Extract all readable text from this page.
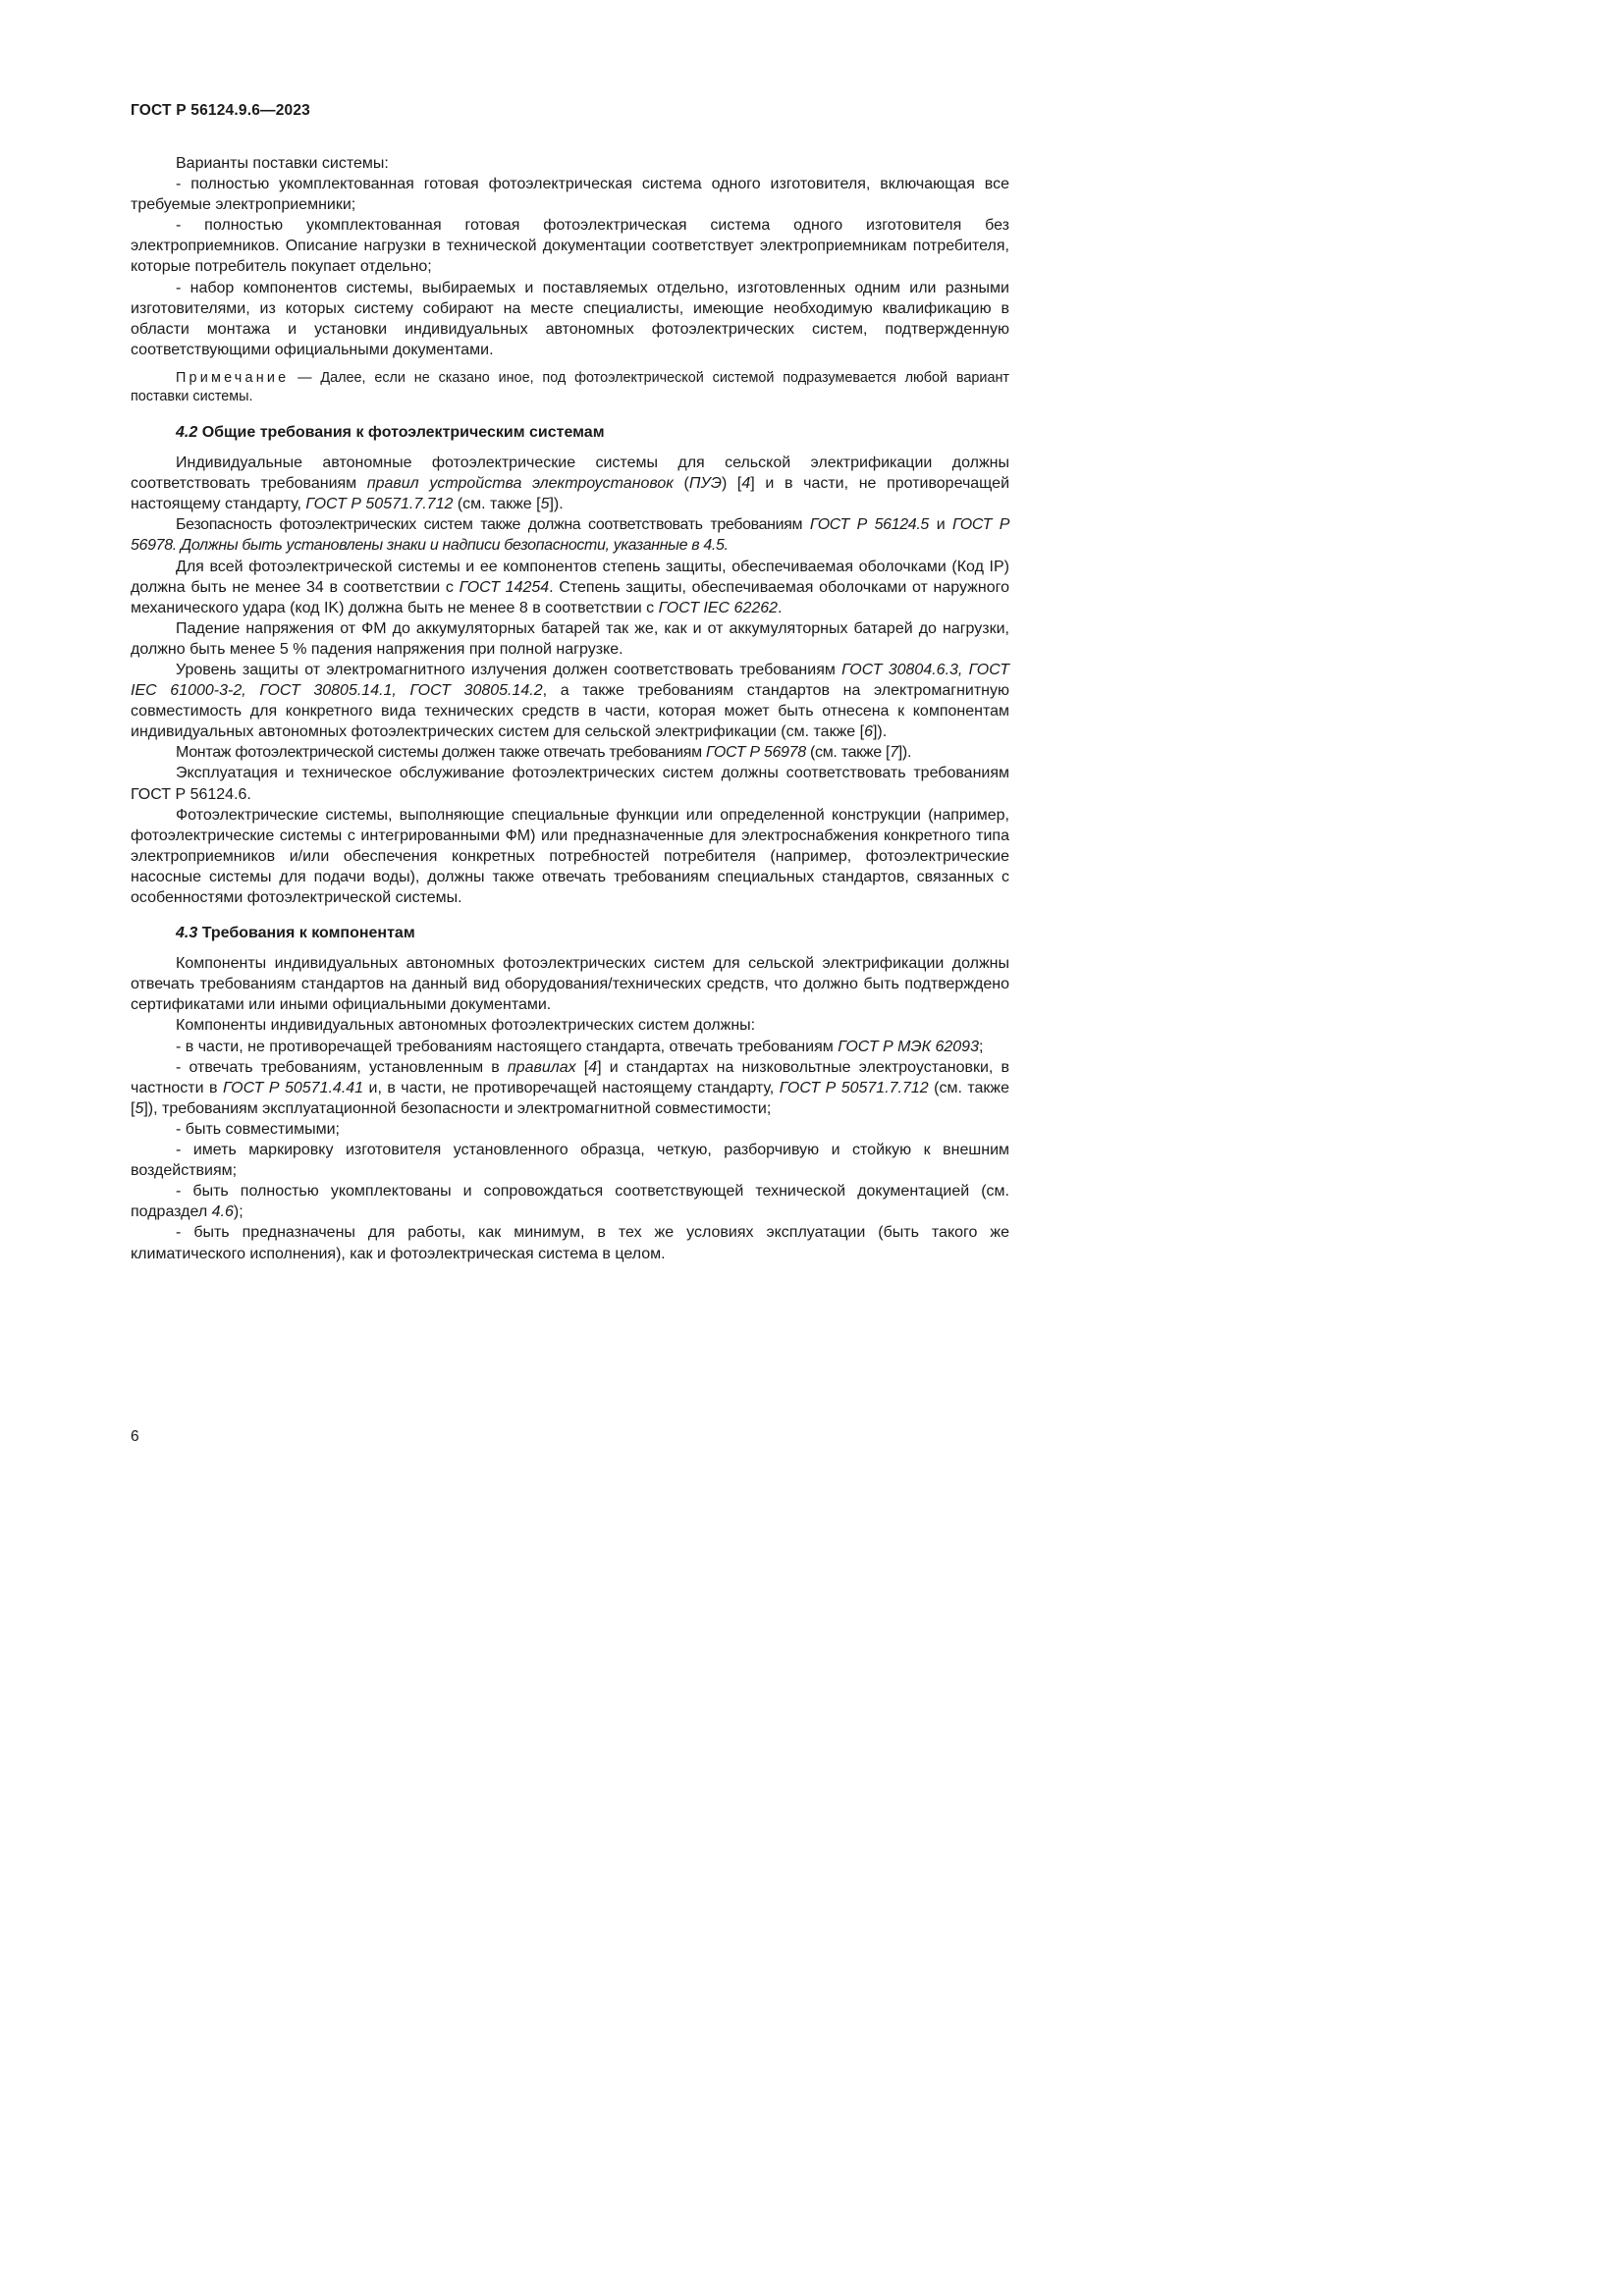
ГОСТ Р 56124.9.6—2023

Варианты поставки системы:

- полностью укомплектованная готовая фотоэлектрическая система одного изготовителя, включающая все требуемые электроприемники;

- полностью укомплектованная готовая фотоэлектрическая система одного изготовителя без электроприемников. Описание нагрузки в технической документации соответствует электроприемникам потребителя, которые потребитель покупает отдельно;

- набор компонентов системы, выбираемых и поставляемых отдельно, изготовленных одним или разными изготовителями, из которых систему собирают на месте специалисты, имеющие необходимую квалификацию в области монтажа и установки индивидуальных автономных фотоэлектрических систем, подтвержденную соответствующими официальными документами.

Примечание — Далее, если не сказано иное, под фотоэлектрической системой подразумевается любой вариант поставки системы.

4.2 Общие требования к фотоэлектрическим системам

Индивидуальные автономные фотоэлектрические системы для сельской электрификации должны соответствовать требованиям правил устройства электроустановок (ПУЭ) [4] и в части, не противоречащей настоящему стандарту, ГОСТ Р 50571.7.712 (см. также [5]).

Безопасность фотоэлектрических систем также должна соответствовать требованиям ГОСТ Р 56124.5 и ГОСТ Р 56978. Должны быть установлены знаки и надписи безопасности, указанные в 4.5.

Для всей фотоэлектрической системы и ее компонентов степень защиты, обеспечиваемая оболочками (Код IP) должна быть не менее 34 в соответствии с ГОСТ 14254. Степень защиты, обеспечиваемая оболочками от наружного механического удара (код IK) должна быть не менее 8 в соответствии с ГОСТ IEC 62262.

Падение напряжения от ФМ до аккумуляторных батарей так же, как и от аккумуляторных батарей до нагрузки, должно быть менее 5 % падения напряжения при полной нагрузке.

Уровень защиты от электромагнитного излучения должен соответствовать требованиям ГОСТ 30804.6.3, ГОСТ IEC 61000-3-2, ГОСТ 30805.14.1, ГОСТ 30805.14.2, а также требованиям стандартов на электромагнитную совместимость для конкретного вида технических средств в части, которая может быть отнесена к компонентам индивидуальных автономных фотоэлектрических систем для сельской электрификации (см. также [6]).

Монтаж фотоэлектрической системы должен также отвечать требованиям ГОСТ Р 56978 (см. также [7]).

Эксплуатация и техническое обслуживание фотоэлектрических систем должны соответствовать требованиям ГОСТ Р 56124.6.

Фотоэлектрические системы, выполняющие специальные функции или определенной конструкции (например, фотоэлектрические системы с интегрированными ФМ) или предназначенные для электроснабжения конкретного типа электроприемников и/или обеспечения конкретных потребностей потребителя (например, фотоэлектрические насосные системы для подачи воды), должны также отвечать требованиям специальных стандартов, связанных с особенностями фотоэлектрической системы.

4.3 Требования к компонентам

Компоненты индивидуальных автономных фотоэлектрических систем для сельской электрификации должны отвечать требованиям стандартов на данный вид оборудования/технических средств, что должно быть подтверждено сертификатами или иными официальными документами.

Компоненты индивидуальных автономных фотоэлектрических систем должны:

- в части, не противоречащей требованиям настоящего стандарта, отвечать требованиям ГОСТ Р МЭК 62093;

- отвечать требованиям, установленным в правилах [4] и стандартах на низковольтные электроустановки, в частности в ГОСТ Р 50571.4.41 и, в части, не противоречащей настоящему стандарту, ГОСТ Р 50571.7.712 (см. также [5]), требованиям эксплуатационной безопасности и электромагнитной совместимости;

- быть совместимыми;

- иметь маркировку изготовителя установленного образца, четкую, разборчивую и стойкую к внешним воздействиям;

- быть полностью укомплектованы и сопровождаться соответствующей технической документацией (см. подраздел 4.6);

- быть предназначены для работы, как минимум, в тех же условиях эксплуатации (быть такого же климатического исполнения), как и фотоэлектрическая система в целом.

6
